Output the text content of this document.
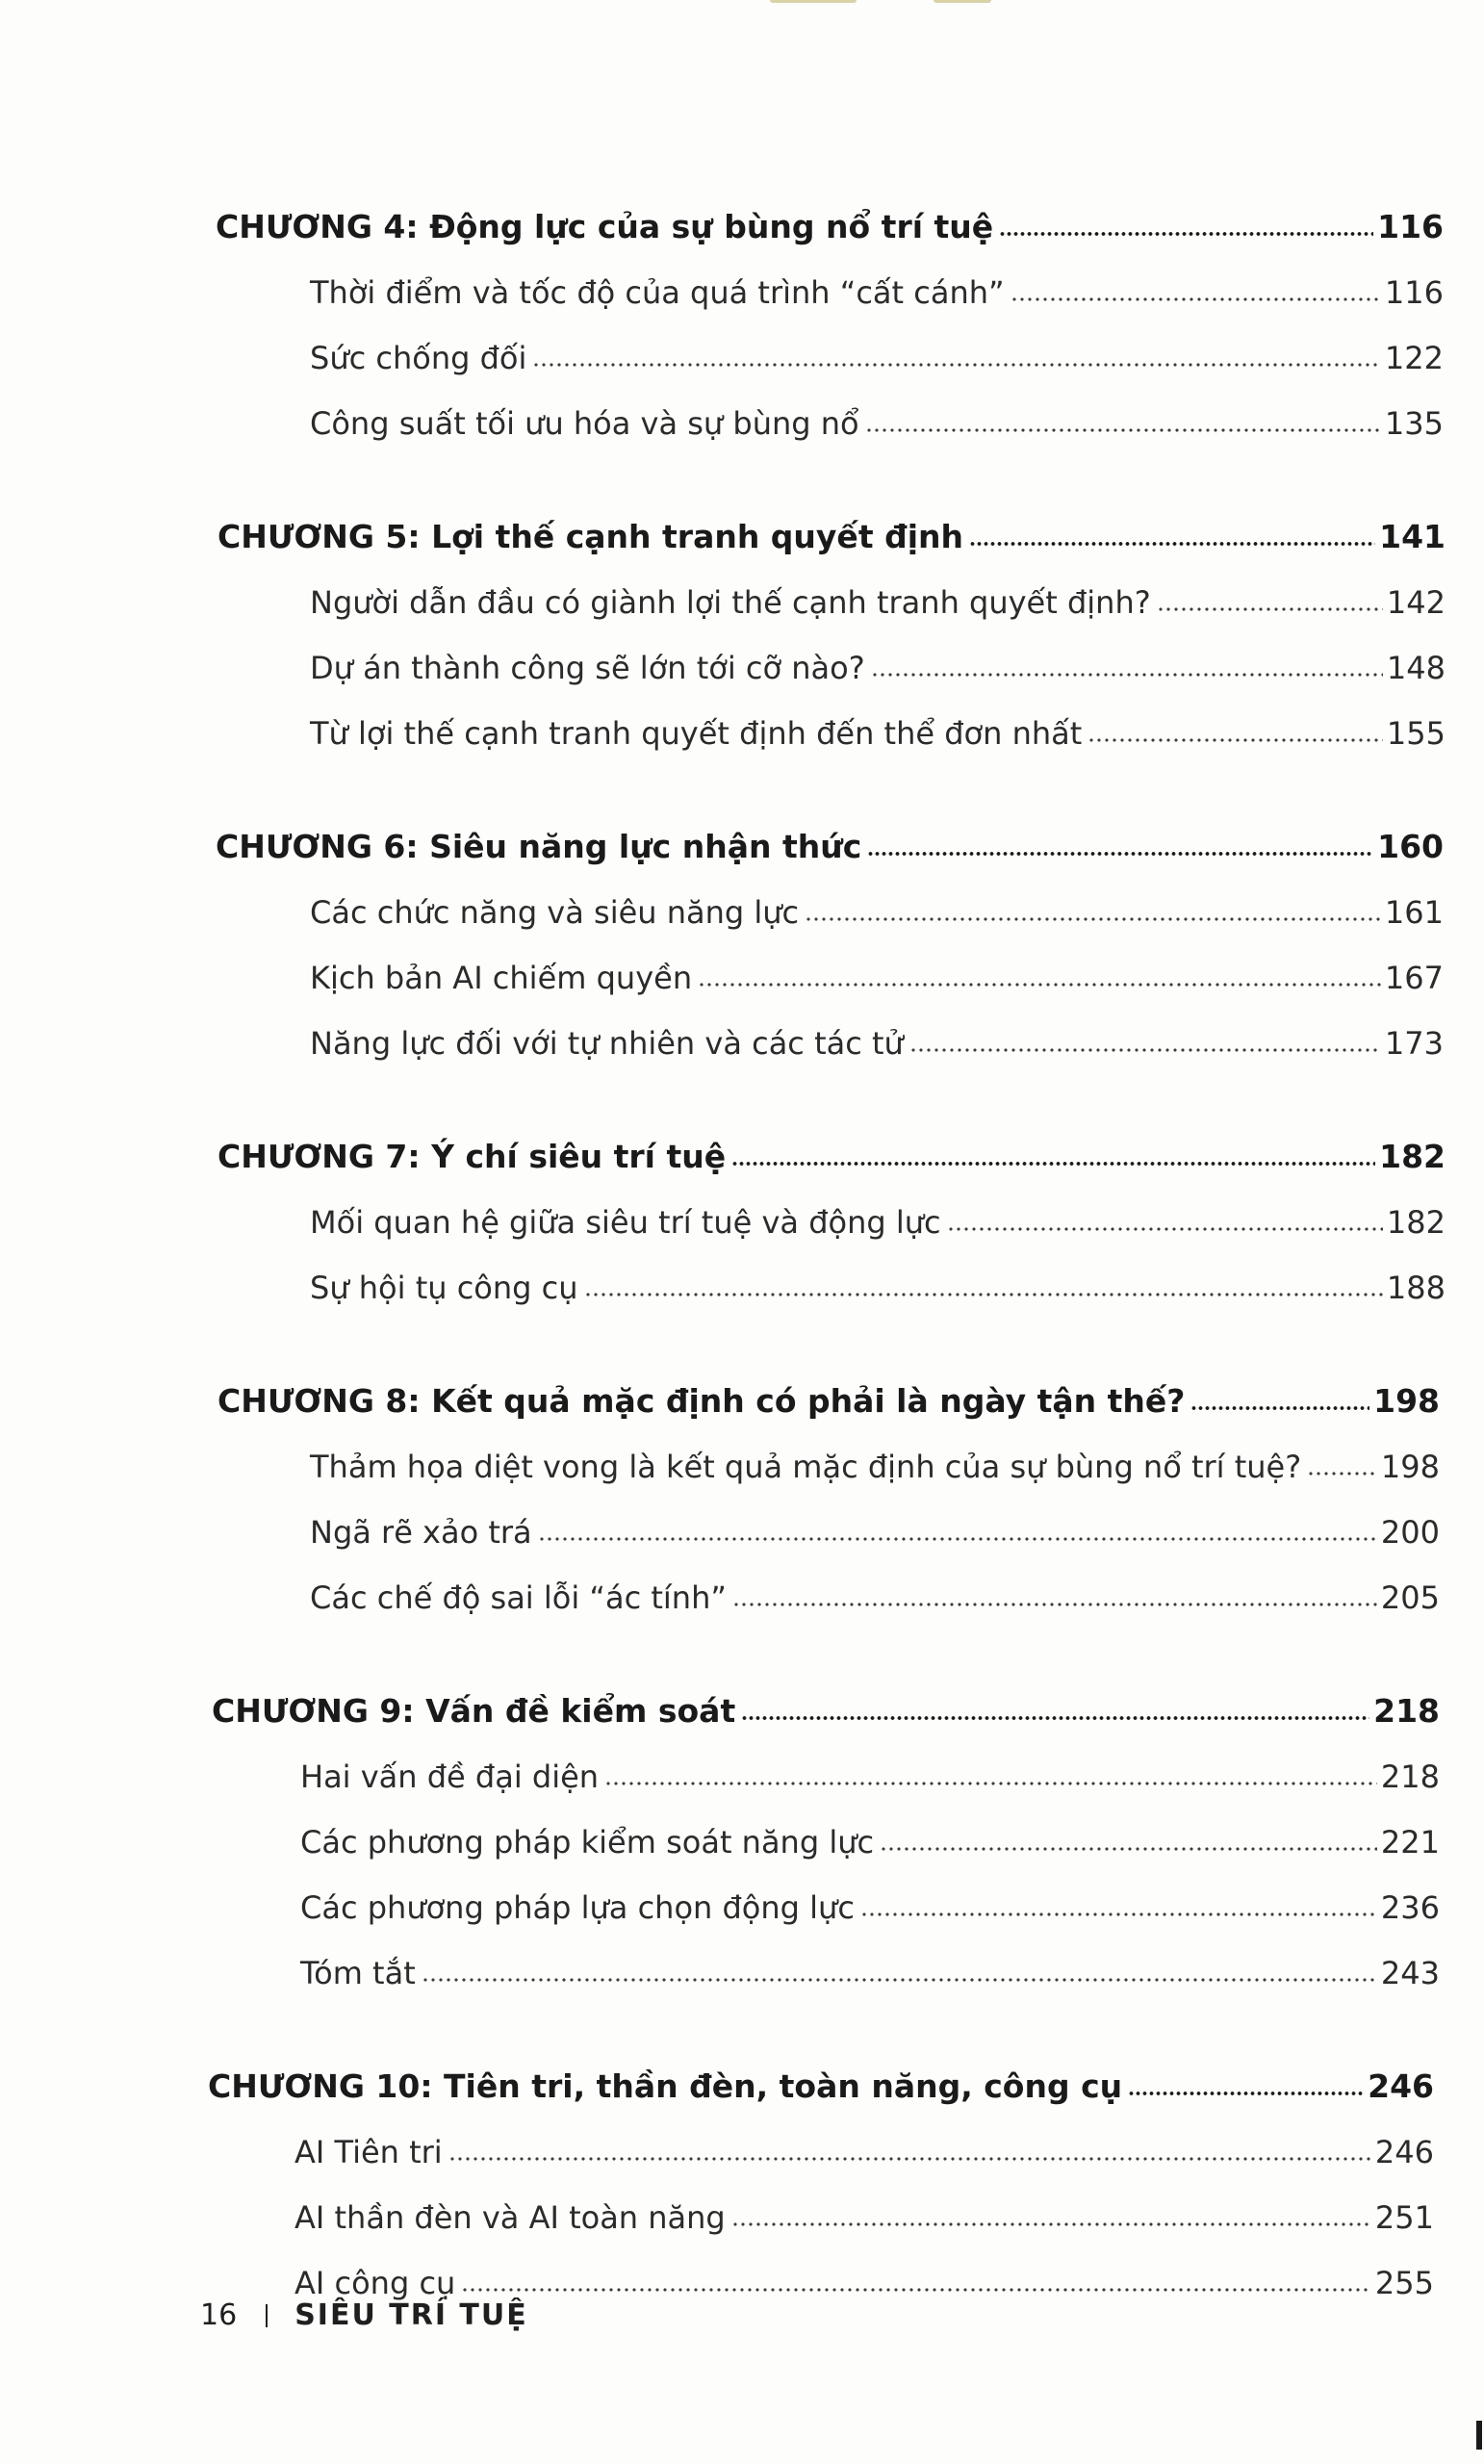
CHƯƠNG 4: Động lực của sự bùng nổ trí tuệ	116
Thời điểm và tốc độ của quá trình “cất cánh”	116
Sức chống đối	122
Công suất tối ưu hóa và sự bùng nổ	135
CHƯƠNG 5: Lợi thế cạnh tranh quyết định	141
Người dẫn đầu có giành lợi thế cạnh tranh quyết định?	142
Dự án thành công sẽ lớn tới cỡ nào?	148
Từ lợi thế cạnh tranh quyết định đến thể đơn nhất	155
CHƯƠNG 6: Siêu năng lực nhận thức	160
Các chức năng và siêu năng lực	161
Kịch bản AI chiếm quyền	167
Năng lực đối với tự nhiên và các tác tử	173
CHƯƠNG 7: Ý chí siêu trí tuệ	182
Mối quan hệ giữa siêu trí tuệ và động lực	182
Sự hội tụ công cụ	188
CHƯƠNG 8: Kết quả mặc định có phải là ngày tận thế?	198
Thảm họa diệt vong là kết quả mặc định của sự bùng nổ trí tuệ?	198
Ngã rẽ xảo trá	200
Các chế độ sai lỗi “ác tính”	205
CHƯƠNG 9: Vấn đề kiểm soát	218
Hai vấn đề đại diện	218
Các phương pháp kiểm soát năng lực	221
Các phương pháp lựa chọn động lực	236
Tóm tắt	243
CHƯƠNG 10: Tiên tri, thần đèn, toàn năng, công cụ	246
AI Tiên tri	246
AI thần đèn và AI toàn năng	251
AI công cụ	255
16 SIÊU TRÍ TUỆ
